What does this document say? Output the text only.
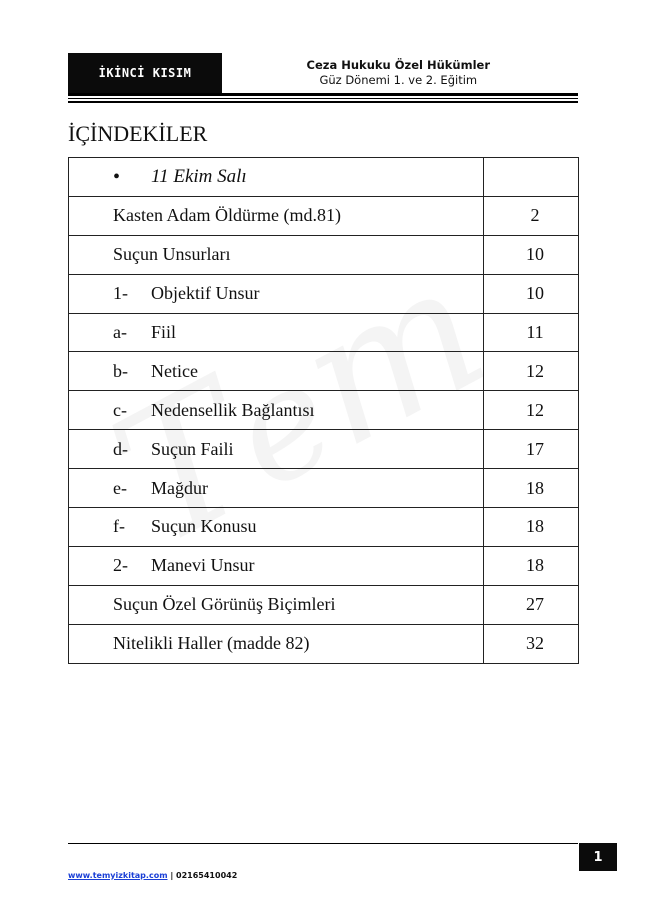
İKİNCİ KISIM
Ceza Hukuku Özel Hükümler
Güz Dönemi 1. ve 2. Eğitim
İÇİNDEKİLER
• 11 Ekim Salı	

Kasten Adam Öldürme (md.81)	2
Suçun Unsurları	10
1- Objektif Unsur	10
a- Fiil	11
b- Netice	12
c- Nedensellik Bağlantısı	12
d- Suçun Faili	17
e- Mağdur	18
f- Suçun Konusu	18
2- Manevi Unsur	18
Suçun Özel Görünüş Biçimleri	27
Nitelikli Haller (madde 82)	32
1
www.temyizkitap.com | 02165410042
